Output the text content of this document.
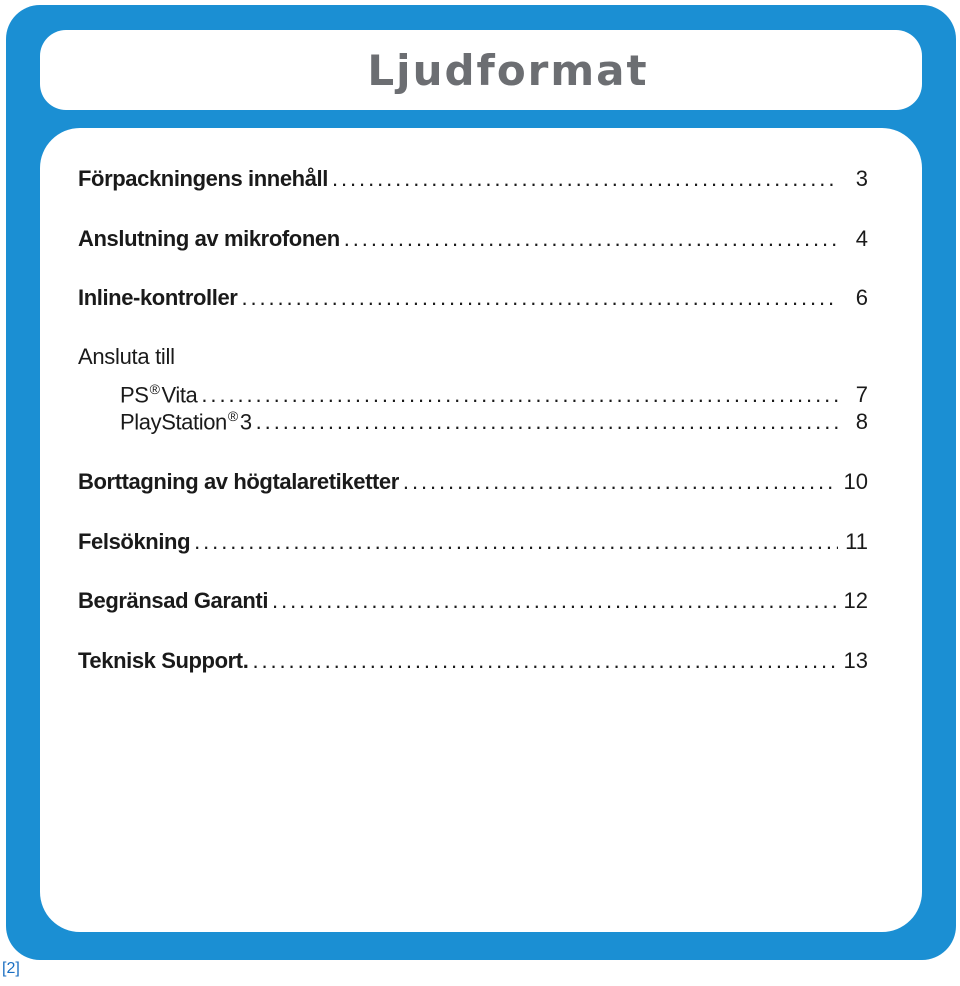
Ljudformat
Förpackningens innehåll . . .	3
Anslutning av mikrofonen . . .	4
Inline-kontroller . . .	6
Ansluta till
PS®Vita . . .	7
PlayStation®3 . . .	8
Borttagning av högtalaretiketter . . .	10
Felsökning . . .	11
Begränsad Garanti . . .	12
Teknisk Support. . . .	13
[2]
